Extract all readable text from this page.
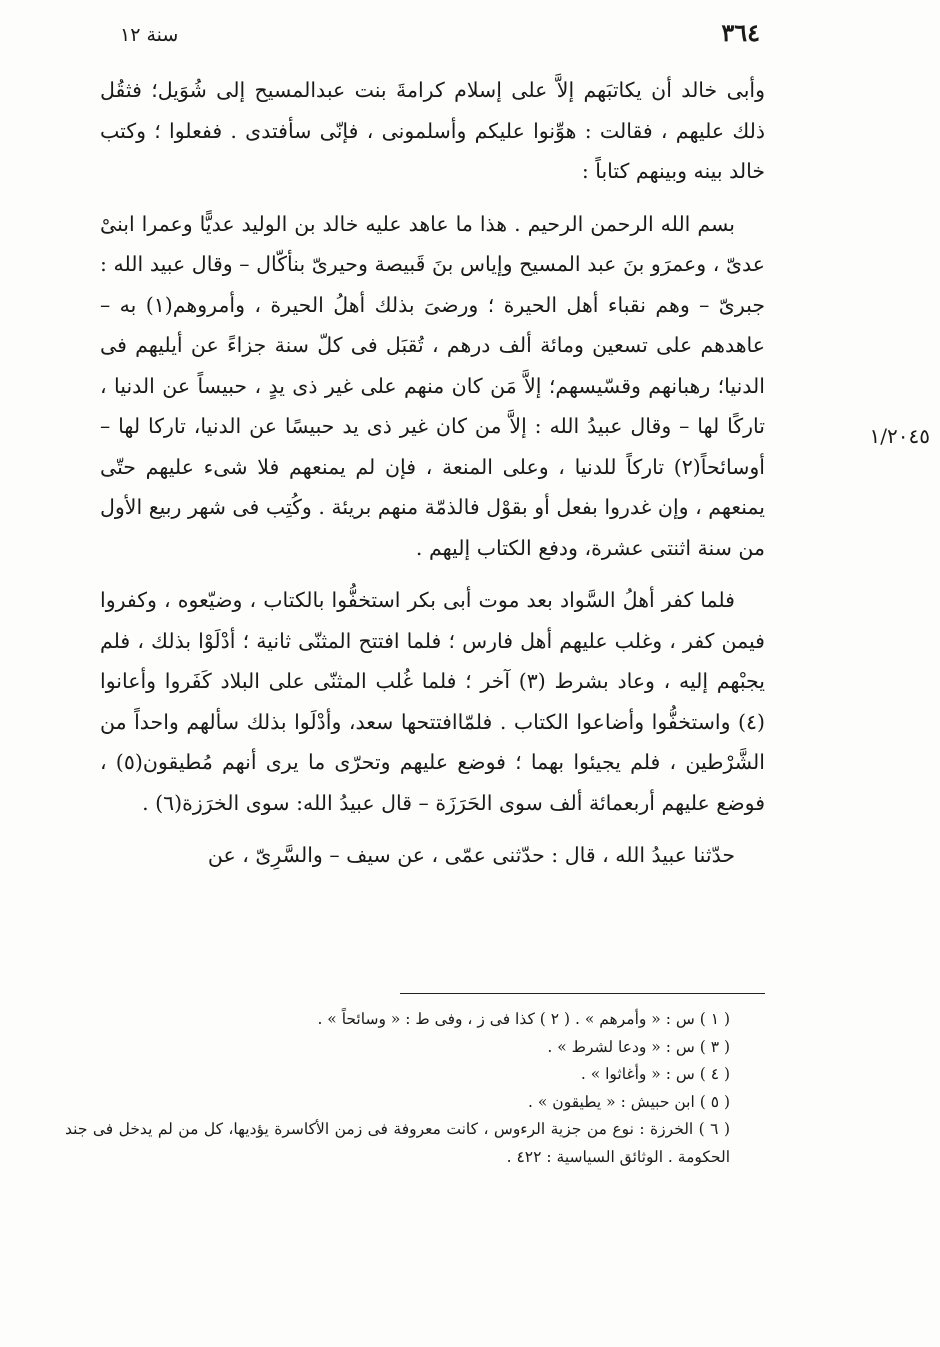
٣٦٤
سنة ١٢
١/٢٠٤٥

وأبى خالد أن يكاتبَهم إلاَّ على إسلام كرامةَ بنت عبدالمسيح إلى شُوَيل؛ فثقُل ذلك عليهم ، فقالت : هوِّنوا عليكم وأسلمونى ، فإنّى سأفتدى . ففعلوا ؛ وكتب خالد بينه وبينهم كتاباً :

بسم الله الرحمن الرحيم . هذا ما عاهد عليه خالد بن الوليد عديًّا وعمرا ابنىْ عدىّ ، وعمرَو بنَ عبد المسيح وإياس بنَ قَبيصة وحيرىّ بنأكّال – وقال عبيد الله : جبرىّ – وهم نقباء أهل الحيرة ؛ ورضىَ بذلك أهلُ الحيرة ، وأمروهم(١) به – عاهدهم على تسعين ومائة ألف درهم ، تُقبَل فى كلّ سنة جزاءً عن أيليهم فى الدنيا؛ رهبانهم وقسّيسهم؛ إلاَّ مَن كان منهم على غير ذى يدٍ ، حبيساً عن الدنيا ، تاركًا لها – وقال عبيدُ الله : إلاَّ من كان غير ذى يد حبيسًا عن الدنيا، تاركا لها – أوسائحاً(٢) تاركاً للدنيا ، وعلى المنعة ، فإن لم يمنعهم فلا شىء عليهم حتّى يمنعهم ، وإن غدروا بفعل أو بقوْل فالذمّة منهم بريئة . وكُتِب فى شهر ربيع الأول من سنة اثنتى عشرة، ودفع الكتاب إليهم .

فلما كفر أهلُ السَّواد بعد موت أبى بكر استخفُّوا بالكتاب ، وضيّعوه ، وكفروا فيمن كفر ، وغلب عليهم أهل فارس ؛ فلما افتتح المثنّى ثانية ؛ أدْلَوْا بذلك ، فلم يجبْهم إليه ، وعاد بشرط (٣) آخر ؛ فلما غُلب المثنّى على البلاد كَفَروا وأعانوا (٤) واستخفُّوا وأضاعوا الكتاب . فلمّاافتتحها سعد، وأدْلَوا بذلك سألهم واحداً من الشَّرْطين ، فلم يجيئوا بهما ؛ فوضع عليهم وتحرّى ما يرى أنهم مُطيقون(٥) ، فوضع عليهم أربعمائة ألف سوى الحَرَزَة – قال عبيدُ الله: سوى الخرَزة(٦) .

حدّثنا عبيدُ الله ، قال : حدّثنى عمّى ، عن سيف – والسَّرِىّ ، عن

( ١ ) س : « وأمرهم » . ( ٢ ) كذا فى ز ، وفى ط : « وسائحاً » .
( ٣ ) س : « ودعا لشرط » .
( ٤ ) س : « وأغاثوا » .
( ٥ ) ابن حبيش : « يطيقون » .
( ٦ ) الخرزة : نوع من جزية الرءوس ، كانت معروفة فى زمن الأكاسرة يؤديها، كل من لم يدخل فى جند الحكومة . الوثائق السياسية : ٤٢٢ .
